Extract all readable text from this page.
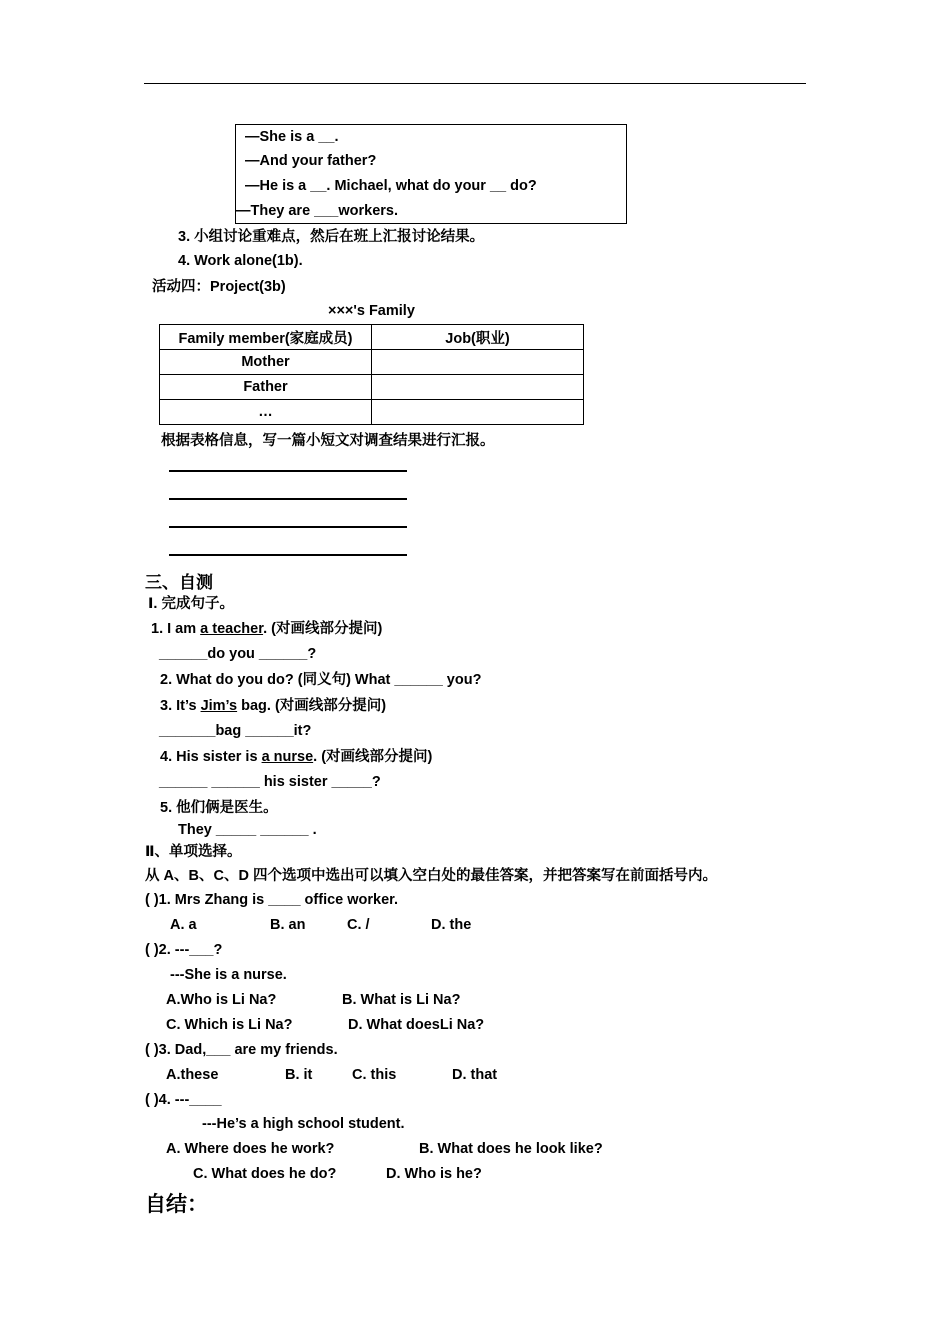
—She is a __.
—And your father?
—He is a __. Michael, what do your __ do?
—They are ___workers.
3. 小组讨论重难点，然后在班上汇报讨论结果。
4. Work alone(1b).
活动四：Project(3b)
×××'s Family
Family member(家庭成员)	Job(职业)
Mother	
Father	
…	
根据表格信息，写一篇小短文对调查结果进行汇报。
三、自测
Ⅰ. 完成句子。
1. I am a teacher. (对画线部分提问)
______do you ______?
2. What do you do? (同义句) What ______ you?
3. It’s Jim’s bag. (对画线部分提问)
_______bag ______it?
4. His sister is a nurse. (对画线部分提问)
______ ______ his sister _____?
5. 他们俩是医生。
They _____ ______ .
Ⅱ、单项选择。
从 A、B、C、D 四个选项中选出可以填入空白处的最佳答案，并把答案写在前面括号内。
( )1. Mrs Zhang is ____ office worker.
A. a	B. an	C. /	D. the
( )2. ---___?
---She is a nurse.
A.Who is Li Na?	B. What is Li Na?
C. Which is Li Na?	D. What doesLi Na?
( )3. Dad,___ are my friends.
A.these	B. it	C. this	D. that
( )4. ---____
---He’s a high school student.
A. Where does he work?	B. What does he look like?
C. What does he do?	D. Who is he?
自结：
